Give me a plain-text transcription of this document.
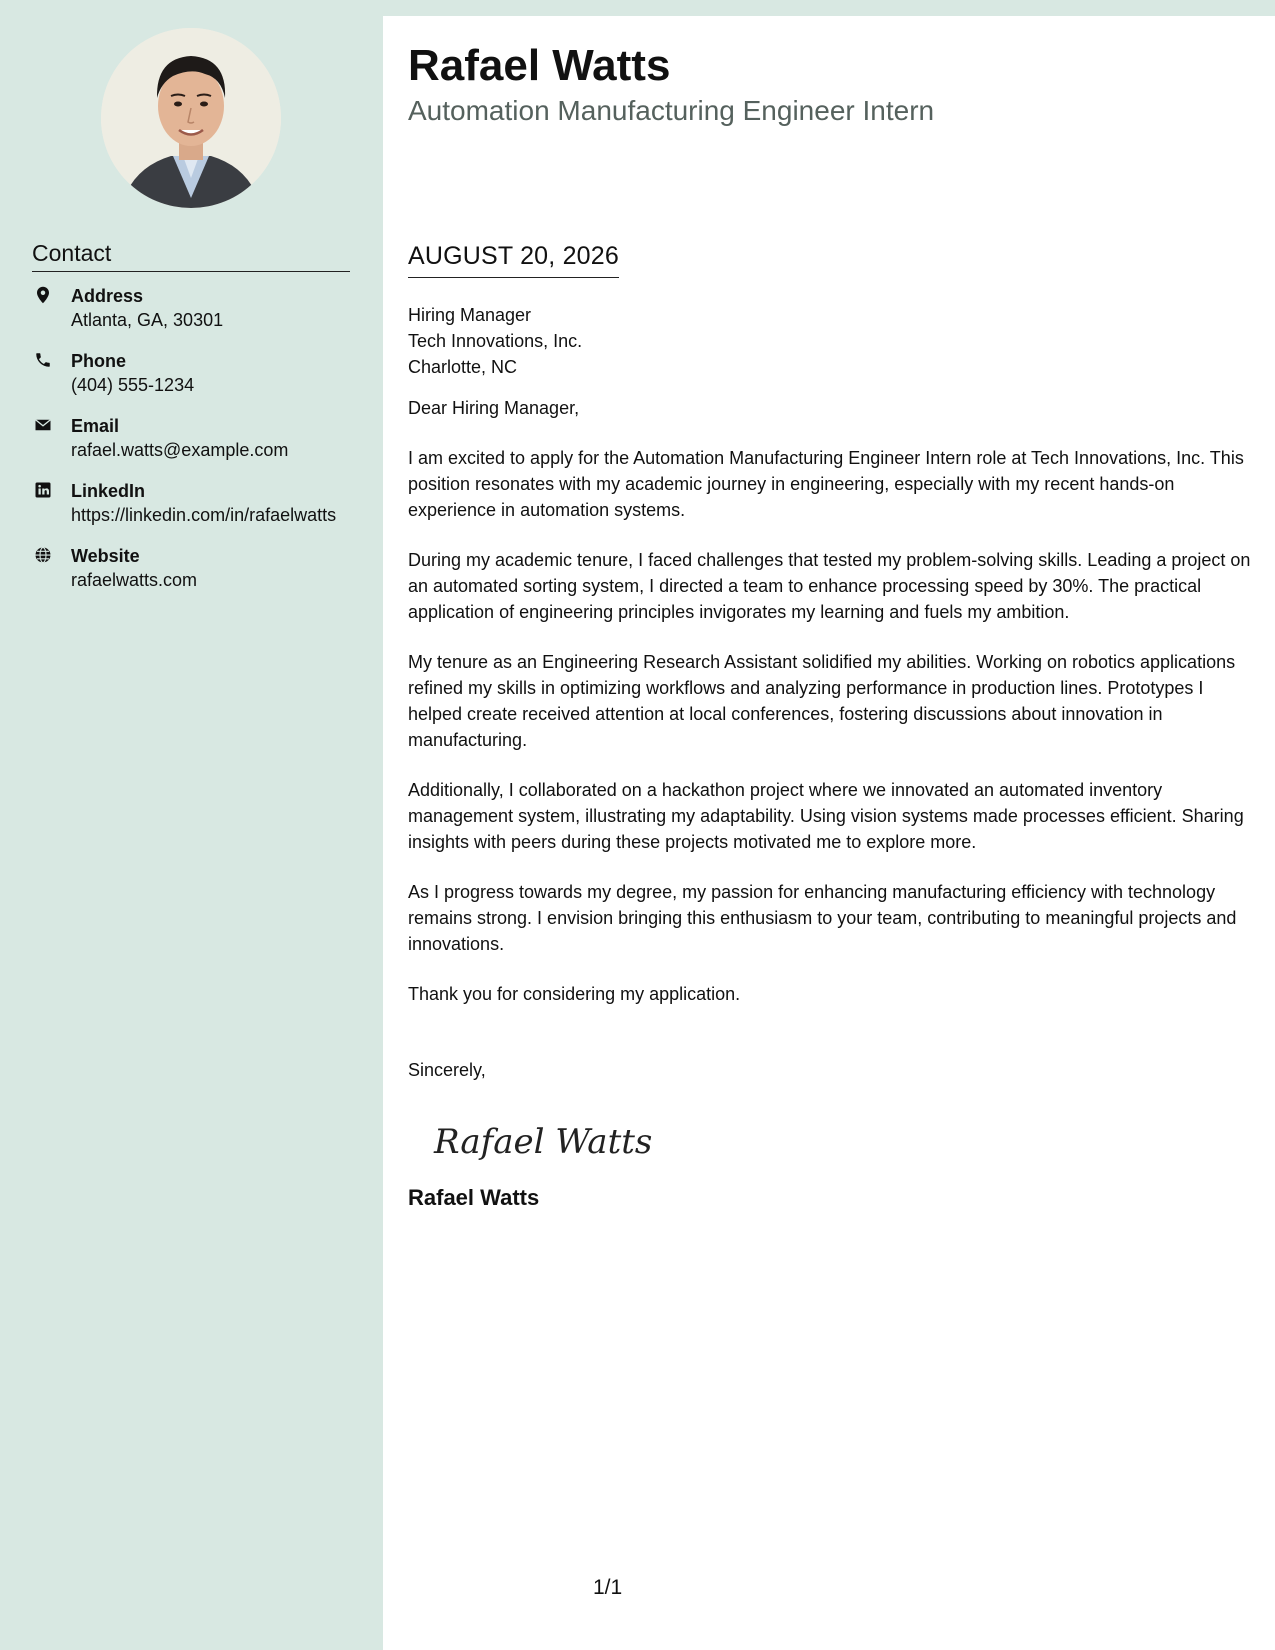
Contact
Address
Atlanta, GA, 30301
Phone
(404) 555-1234
Email
rafael.watts@example.com
LinkedIn
https://linkedin.com/in/rafaelwatts
Website
rafaelwatts.com
Rafael Watts
Automation Manufacturing Engineer Intern
AUGUST 20, 2026
Hiring Manager
Tech Innovations, Inc.
Charlotte, NC
Dear Hiring Manager,

I am excited to apply for the Automation Manufacturing Engineer Intern role at Tech Innovations, Inc. This position resonates with my academic journey in engineering, especially with my recent hands-on experience in automation systems.

During my academic tenure, I faced challenges that tested my problem-solving skills. Leading a project on an automated sorting system, I directed a team to enhance processing speed by 30%. The practical application of engineering principles invigorates my learning and fuels my ambition.

My tenure as an Engineering Research Assistant solidified my abilities. Working on robotics applications refined my skills in optimizing workflows and analyzing performance in production lines. Prototypes I helped create received attention at local conferences, fostering discussions about innovation in manufacturing.

Additionally, I collaborated on a hackathon project where we innovated an automated inventory management system, illustrating my adaptability. Using vision systems made processes efficient. Sharing insights with peers during these projects motivated me to explore more.

As I progress towards my degree, my passion for enhancing manufacturing efficiency with technology remains strong. I envision bringing this enthusiasm to your team, contributing to meaningful projects and innovations.

Thank you for considering my application.

Sincerely,
Rafael Watts
Rafael Watts
1/1
